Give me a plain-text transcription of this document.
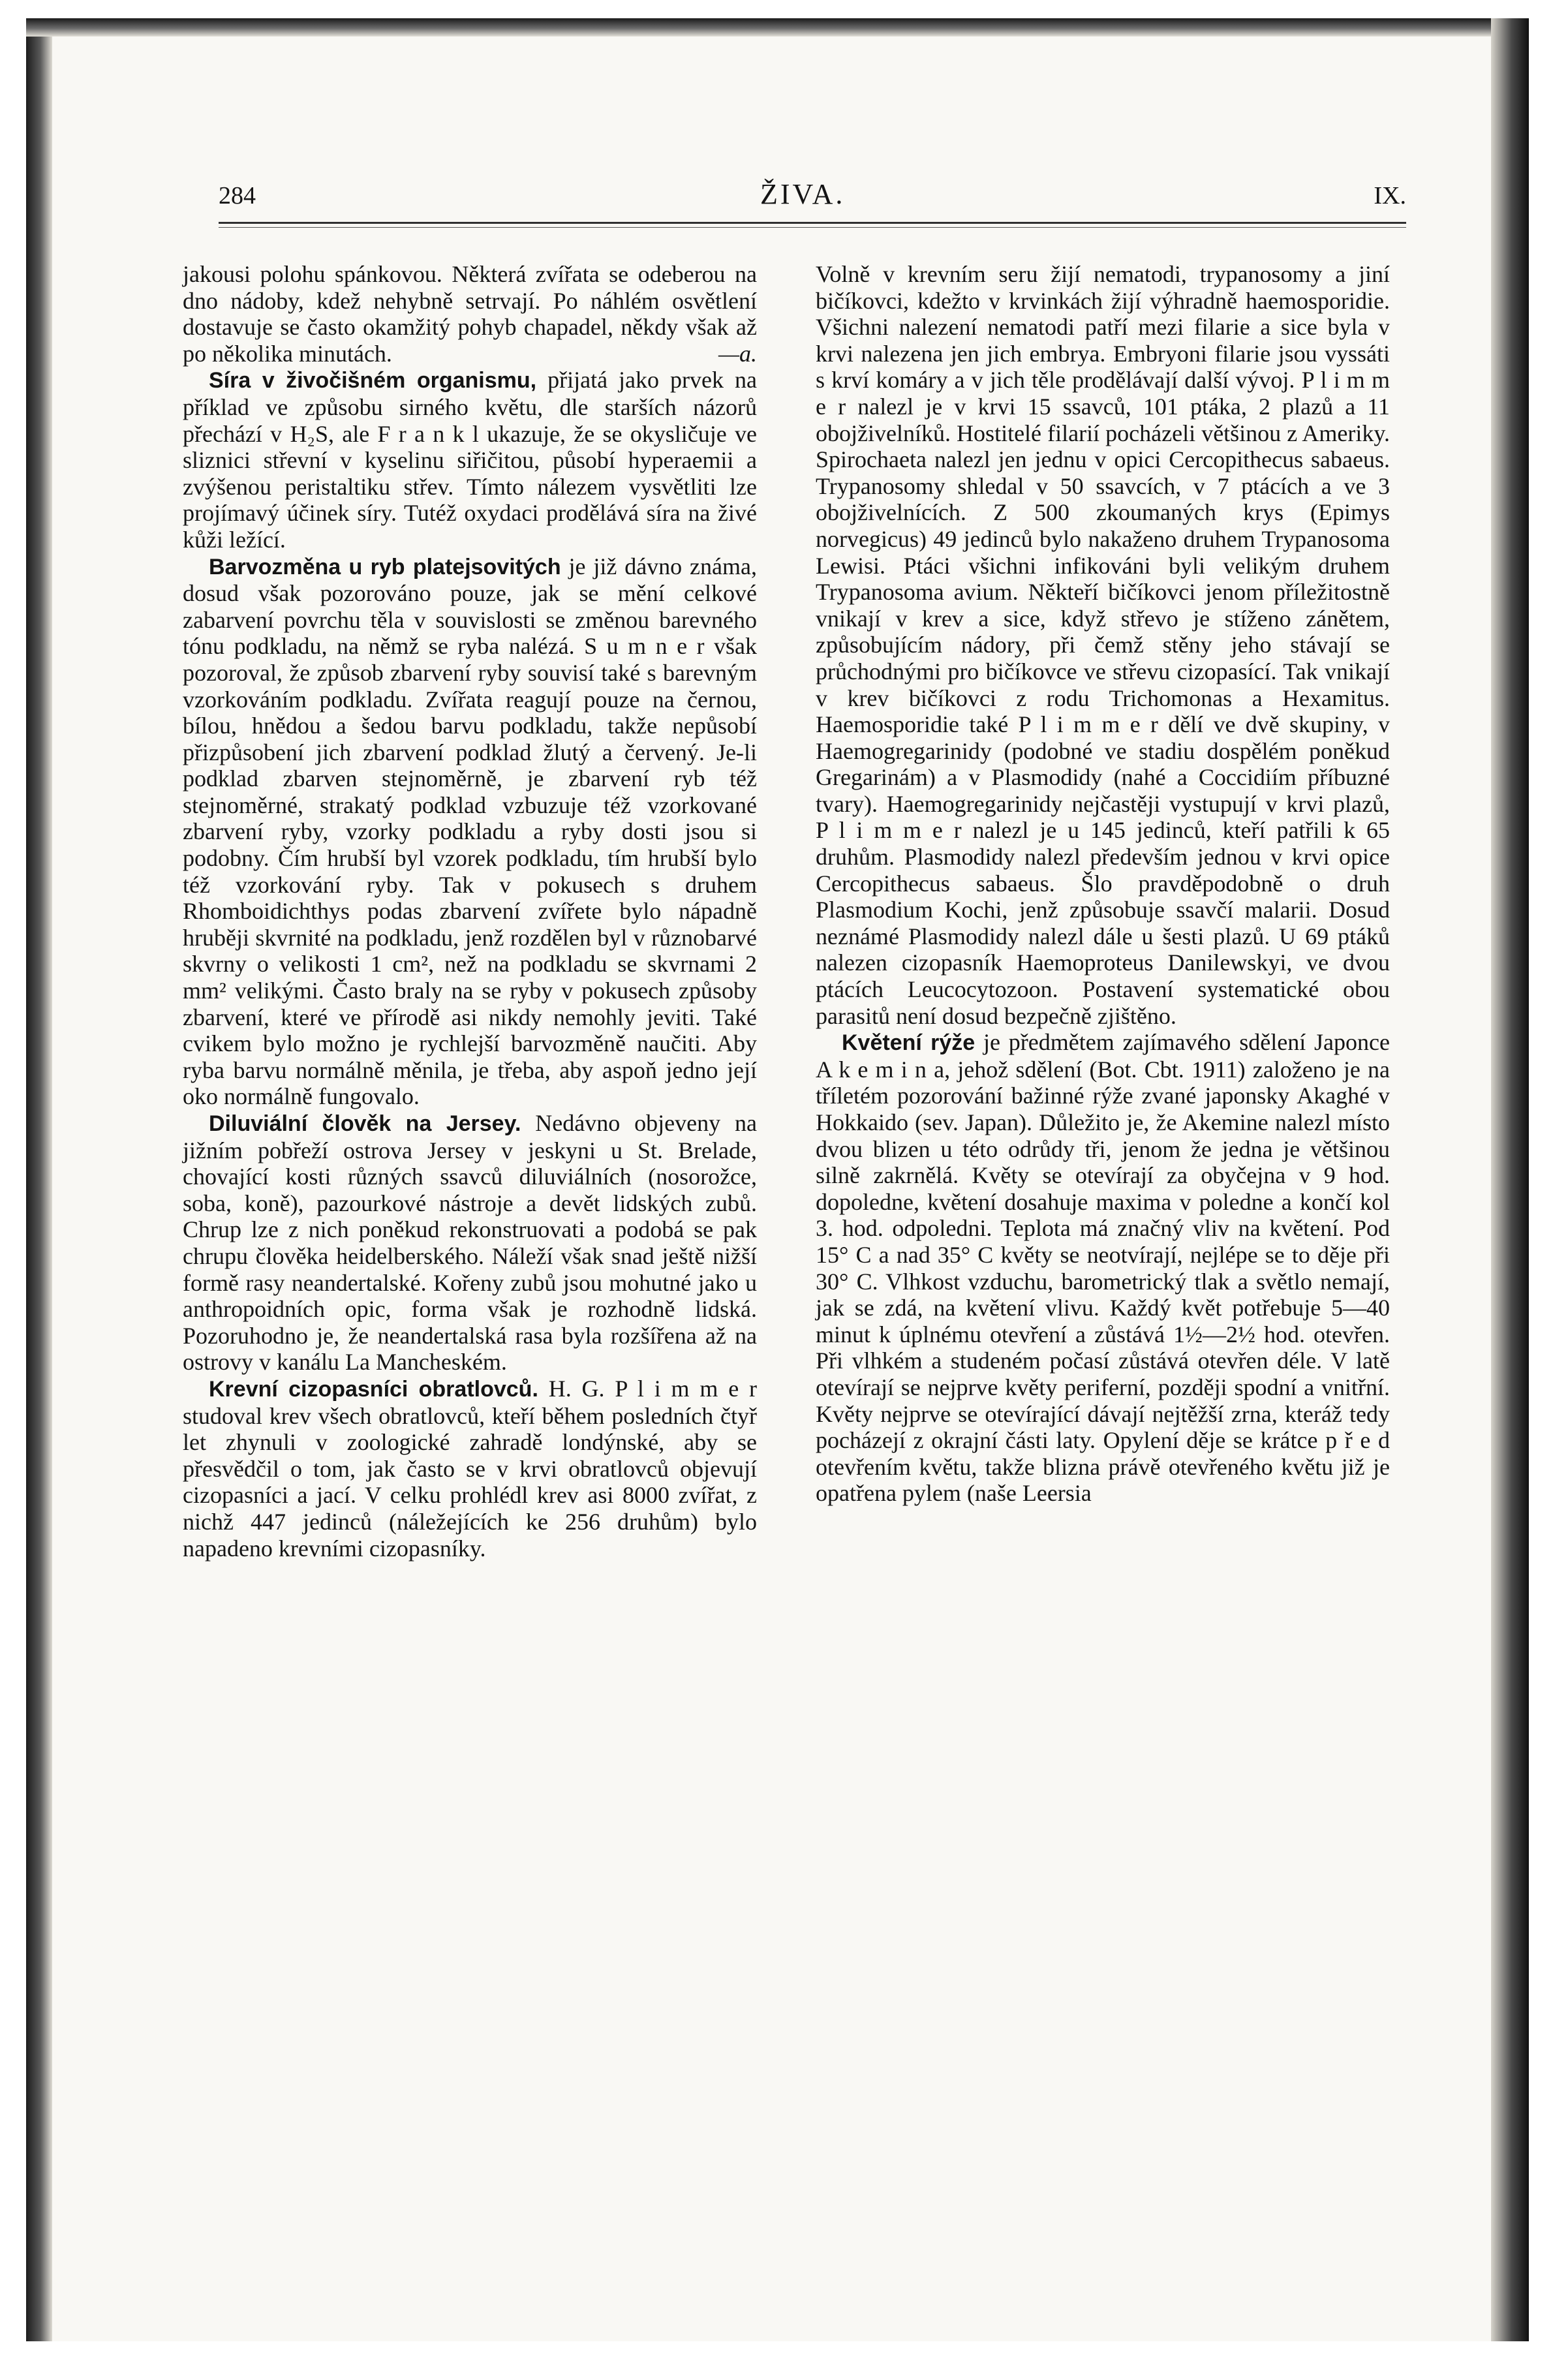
284	ŽIVA.	IX.

jakousi polohu spánkovou. Některá zvířata se odeberou na dno nádoby, kdež nehybně setrvají. Po náhlém osvětlení dostavuje se často okamžitý pohyb chapadel, někdy však až po několika minutách.	—a.

Síra v živočišném organismu, přijatá jako prvek na příklad ve způsobu sirného květu, dle starších názorů přechází v H₂S, ale F r a n k l ukazuje, že se okysličuje ve sliznici střevní v kyselinu siřičitou, působí hyperaemii a zvýšenou peristaltiku střev. Tímto nálezem vysvětliti lze projímavý účinek síry. Tutéž oxydaci prodělává síra na živé kůži ležící.

Barvozměna u ryb platejsovitých je již dávno známa, dosud však pozorováno pouze, jak se mění celkové zabarvení povrchu těla v souvislosti se změnou barevného tónu podkladu, na němž se ryba nalézá. S u m n e r však pozoroval, že způsob zbarvení ryby souvisí také s barevným vzorkováním podkladu. Zvířata reagují pouze na černou, bílou, hnědou a šedou barvu podkladu, takže nepůsobí přizpůsobení jich zbarvení podklad žlutý a červený. Je-li podklad zbarven stejnoměrně, je zbarvení ryb též stejnoměrné, strakatý podklad vzbuzuje též vzorkované zbarvení ryby, vzorky podkladu a ryby dosti jsou si podobny. Čím hrubší byl vzorek podkladu, tím hrubší bylo též vzorkování ryby. Tak v pokusech s druhem Rhomboidichthys podas zbarvení zvířete bylo nápadně hruběji skvrnité na podkladu, jenž rozdělen byl v různobarvé skvrny o velikosti 1 cm², než na podkladu se skvrnami 2 mm² velikými. Často braly na se ryby v pokusech způsoby zbarvení, které ve přírodě asi nikdy nemohly jeviti. Také cvikem bylo možno je rychlejší barvozměně naučiti. Aby ryba barvu normálně měnila, je třeba, aby aspoň jedno její oko normálně fungovalo.

Diluviální člověk na Jersey. Nedávno objeveny na jižním pobřeží ostrova Jersey v jeskyni u St. Brelade, chovající kosti různých ssavců diluviálních (nosorožce, soba, koně), pazourkové nástroje a devět lidských zubů. Chrup lze z nich poněkud rekonstruovati a podobá se pak chrupu člověka heidelberského. Náleží však snad ještě nižší formě rasy neandertalské. Kořeny zubů jsou mohutné jako u anthropoidních opic, forma však je rozhodně lidská. Pozoruhodno je, že neandertalská rasa byla rozšířena až na ostrovy v kanálu La Mancheském.

Krevní cizopasníci obratlovců. H. G. P l i m m e r studoval krev všech obratlovců, kteří během posledních čtyř let zhynuli v zoologické zahradě londýnské, aby se přesvědčil o tom, jak často se v krvi obratlovců objevují cizopasníci a jací. V celku prohlédl krev asi 8000 zvířat, z nichž 447 jedinců (náležejících ke 256 druhům) bylo napadeno krevními cizopasníky.

Volně v krevním seru žijí nematodi, trypanosomy a jiní bičíkovci, kdežto v krvinkách žijí výhradně haemosporidie. Všichni nalezení nematodi patří mezi filarie a sice byla v krvi nalezena jen jich embrya. Embryoni filarie jsou vyssáti s krví komáry a v jich těle prodělávají další vývoj. P l i m m e r nalezl je v krvi 15 ssavců, 101 ptáka, 2 plazů a 11 obojživelníků. Hostitelé filarií pocházeli většinou z Ameriky. Spirochaeta nalezl jen jednu v opici Cercopithecus sabaeus. Trypanosomy shledal v 50 ssavcích, v 7 ptácích a ve 3 obojživelnících. Z 500 zkoumaných krys (Epimys norvegicus) 49 jedinců bylo nakaženo druhem Trypanosoma Lewisi. Ptáci všichni infikováni byli velikým druhem Trypanosoma avium. Někteří bičíkovci jenom příležitostně vnikají v krev a sice, když střevo je stíženo zánětem, způsobujícím nádory, při čemž stěny jeho stávají se průchodnými pro bičíkovce ve střevu cizopasící. Tak vnikají v krev bičíkovci z rodu Trichomonas a Hexamitus. Haemosporidie také P l i m m e r dělí ve dvě skupiny, v Haemogregarinidy (podobné ve stadiu dospělém poněkud Gregarinám) a v Plasmodidy (nahé a Coccidiím příbuzné tvary). Haemogregarinidy nejčastěji vystupují v krvi plazů, P l i m m e r nalezl je u 145 jedinců, kteří patřili k 65 druhům. Plasmodidy nalezl především jednou v krvi opice Cercopithecus sabaeus. Šlo pravděpodobně o druh Plasmodium Kochi, jenž způsobuje ssavčí malarii. Dosud neznámé Plasmodidy nalezl dále u šesti plazů. U 69 ptáků nalezen cizopasník Haemoproteus Danilewskyi, ve dvou ptácích Leucocytozoon. Postavení systematické obou parasitů není dosud bezpečně zjištěno.

Květení rýže je předmětem zajímavého sdělení Japonce A k e m i n a, jehož sdělení (Bot. Cbt. 1911) založeno je na tříletém pozorování bažinné rýže zvané japonsky Akaghé v Hokkaido (sev. Japan). Důležito je, že Akemine nalezl místo dvou blizen u této odrůdy tři, jenom že jedna je většinou silně zakrnělá. Květy se otevírají za obyčejna v 9 hod. dopoledne, květení dosahuje maxima v poledne a končí kol 3. hod. odpoledni. Teplota má značný vliv na květení. Pod 15° C a nad 35° C květy se neotvírají, nejlépe se to děje při 30° C. Vlhkost vzduchu, barometrický tlak a světlo nemají, jak se zdá, na květení vlivu. Každý květ potřebuje 5—40 minut k úplnému otevření a zůstává 1½—2½ hod. otevřen. Při vlhkém a studeném počasí zůstává otevřen déle. V latě otevírají se nejprve květy periferní, později spodní a vnitřní. Květy nejprve se otevírající dávají nejtěžší zrna, kteráž tedy pocházejí z okrajní části laty. Opylení děje se krátce p ř e d otevřením květu, takže blizna právě otevřeného květu již je opatřena pylem (naše Leersia
